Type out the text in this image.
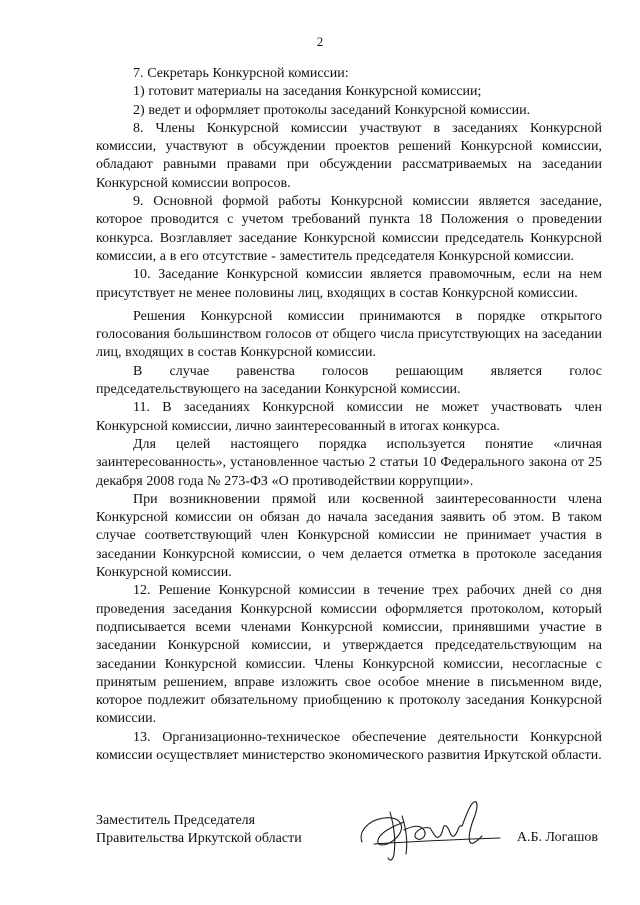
2

7. Секретарь Конкурсной комиссии:

1) готовит материалы на заседания Конкурсной комиссии;

2) ведет и оформляет протоколы заседаний Конкурсной комиссии.

8. Члены Конкурсной комиссии участвуют в заседаниях Конкурсной комиссии, участвуют в обсуждении проектов решений Конкурсной комиссии, обладают равными правами при обсуждении рассматриваемых на заседании Конкурсной комиссии вопросов.

9. Основной формой работы Конкурсной комиссии является заседание, которое проводится с учетом требований пункта 18 Положения о проведении конкурса. Возглавляет заседание Конкурсной комиссии председатель Конкурсной комиссии, а в его отсутствие - заместитель председателя Конкурсной комиссии.

10. Заседание Конкурсной комиссии является правомочным, если на нем присутствует не менее половины лиц, входящих в состав Конкурсной комиссии.

Решения Конкурсной комиссии принимаются в порядке открытого голосования большинством голосов от общего числа присутствующих на заседании лиц, входящих в состав Конкурсной комиссии.

В случае равенства голосов решающим является голос председательствующего на заседании Конкурсной комиссии.

11. В заседаниях Конкурсной комиссии не может участвовать член Конкурсной комиссии, лично заинтересованный в итогах конкурса.

Для целей настоящего порядка используется понятие «личная заинтересованность», установленное частью 2 статьи 10 Федерального закона от 25 декабря 2008 года № 273-ФЗ «О противодействии коррупции».

При возникновении прямой или косвенной заинтересованности члена Конкурсной комиссии он обязан до начала заседания заявить об этом. В таком случае соответствующий член Конкурсной комиссии не принимает участия в заседании Конкурсной комиссии, о чем делается отметка в протоколе заседания Конкурсной комиссии.

12. Решение Конкурсной комиссии в течение трех рабочих дней со дня проведения заседания Конкурсной комиссии оформляется протоколом, который подписывается всеми членами Конкурсной комиссии, принявшими участие в заседании Конкурсной комиссии, и утверждается председательствующим на заседании Конкурсной комиссии. Члены Конкурсной комиссии, несогласные с принятым решением, вправе изложить свое особое мнение в письменном виде, которое подлежит обязательному приобщению к протоколу заседания Конкурсной комиссии.

13. Организационно-техническое обеспечение деятельности Конкурсной комиссии осуществляет министерство экономического развития Иркутской области.

Заместитель Председателя
Правительства Иркутской области	А.Б. Логашов
